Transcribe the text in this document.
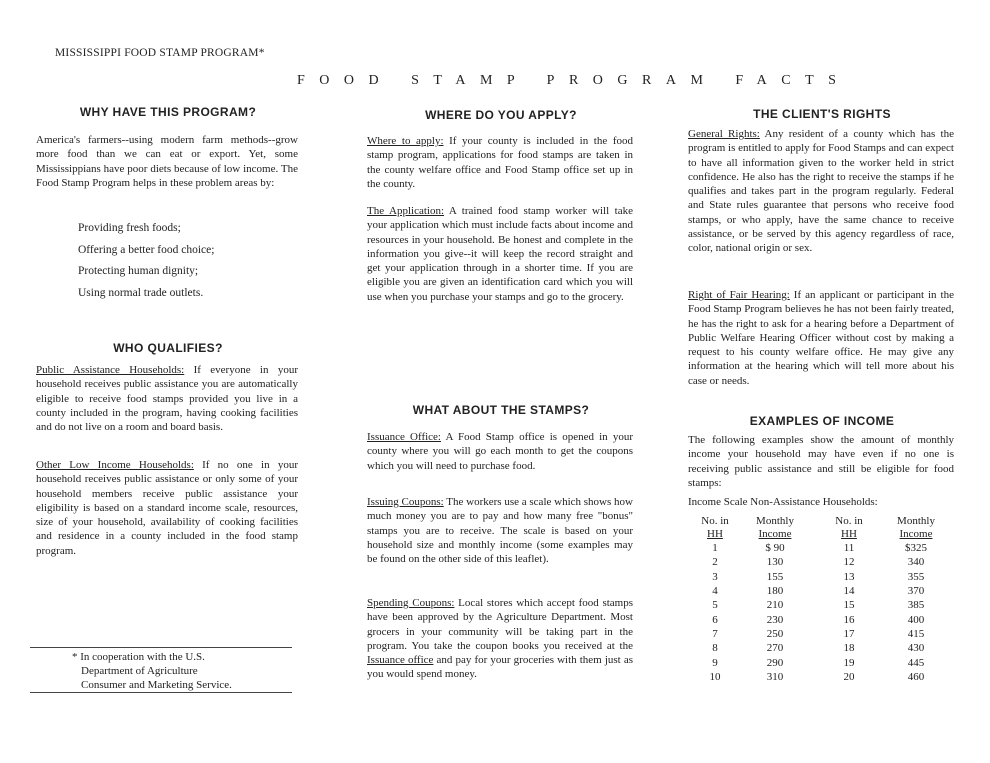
MISSISSIPPI FOOD STAMP PROGRAM*
FOOD STAMP PROGRAM FACTS
WHY HAVE THIS PROGRAM?
America's farmers--using modern farm methods--grow more food than we can eat or export. Yet, some Mississippians have poor diets because of low income. The Food Stamp Program helps in these problem areas by:
Providing fresh foods;
Offering a better food choice;
Protecting human dignity;
Using normal trade outlets.
WHO QUALIFIES?
Public Assistance Households: If everyone in your household receives public assistance you are automatically eligible to receive food stamps provided you live in a county included in the program, having cooking facilities and do not live on a room and board basis.
Other Low Income Households: If no one in your household receives public assistance or only some of your household members receive public assistance your eligibility is based on a standard income scale, resources, size of your household, availability of cooking facilities and residence in a county included in the food stamp program.
* In cooperation with the U.S.
Department of Agriculture
Consumer and Marketing Service.
WHERE DO YOU APPLY?
Where to apply: If your county is included in the food stamp program, applications for food stamps are taken in the county welfare office and Food Stamp office set up in the county.
The Application: A trained food stamp worker will take your application which must include facts about income and resources in your household. Be honest and complete in the information you give--it will keep the record straight and get your application through in a shorter time. If you are eligible you are given an identification card which you will use when you purchase your stamps and go to the grocery.
WHAT ABOUT THE STAMPS?
Issuance Office: A Food Stamp office is opened in your county where you will go each month to get the coupons which you will need to purchase food.
Issuing Coupons: The workers use a scale which shows how much money you are to pay and how many free "bonus" stamps you are to receive. The scale is based on your household size and monthly income (some examples may be found on the other side of this leaflet).
Spending Coupons: Local stores which accept food stamps have been approved by the Agriculture Department. Most grocers in your community will be taking part in the program. You take the coupon books you received at the Issuance office and pay for your groceries with them just as you would spend money.
THE CLIENT'S RIGHTS
General Rights: Any resident of a county which has the program is entitled to apply for Food Stamps and can expect to have all information given to the worker held in strict confidence. He also has the right to receive the stamps if he qualifies and takes part in the program regularly. Federal and State rules guarantee that persons who receive food stamps, or who apply, have the same chance to receive assistance, or be served by this agency regardless of race, color, national origin or sex.
Right of Fair Hearing: If an applicant or participant in the Food Stamp Program believes he has not been fairly treated, he has the right to ask for a hearing before a Department of Public Welfare Hearing Officer without cost by making a request to his county welfare office. He may give any information at the hearing which will tell more about his case or needs.
EXAMPLES OF INCOME
The following examples show the amount of monthly income your household may have even if no one is receiving public assistance and still be eligible for food stamps:
Income Scale Non-Assistance Households:
No. in	Monthly	No. in	Monthly
HH	Income	HH	Income
1	$ 90	11	$325
2	130	12	340
3	155	13	355
4	180	14	370
5	210	15	385
6	230	16	400
7	250	17	415
8	270	18	430
9	290	19	445
10	310	20	460
